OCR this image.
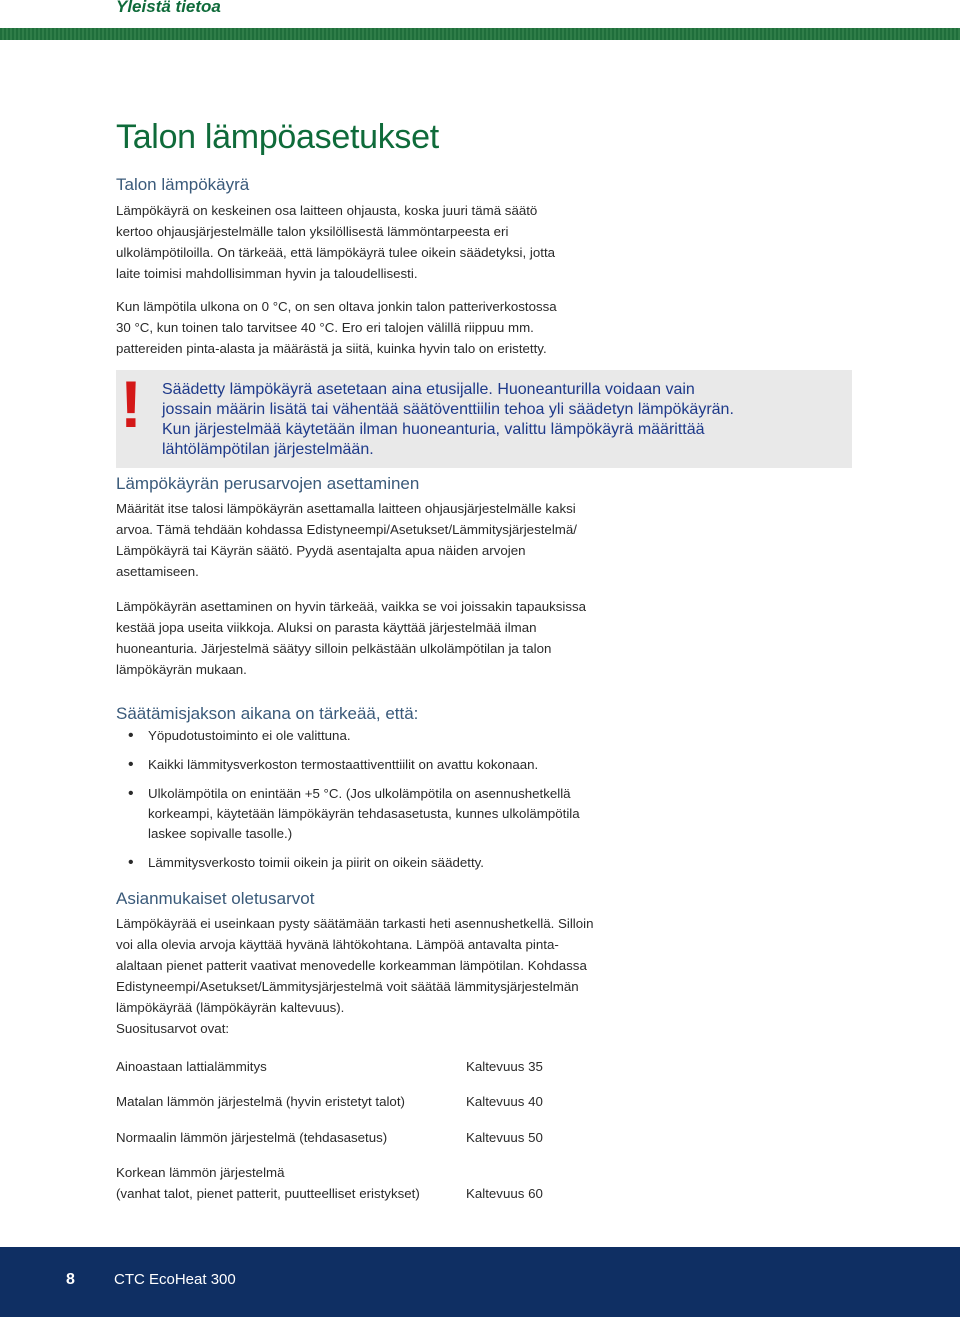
Yleistä tietoa
Talon lämpöasetukset
Talon lämpökäyrä
Lämpökäyrä on keskeinen osa laitteen ohjausta, koska juuri tämä säätö
kertoo ohjausjärjestelmälle talon yksilöllisestä lämmöntarpeesta eri
ulkolämpötiloilla. On tärkeää, että lämpökäyrä tulee oikein säädetyksi, jotta
laite toimisi mahdollisimman hyvin ja taloudellisesti.
Kun lämpötila ulkona on 0 °C, on sen oltava jonkin talon patteriverkostossa
30 °C, kun toinen talo tarvitsee 40 °C. Ero eri talojen välillä riippuu mm.
pattereiden pinta-alasta ja määrästä ja siitä, kuinka hyvin talo on eristetty.
! Säädetty lämpökäyrä asetetaan aina etusijalle. Huoneanturilla voidaan vain
jossain määrin lisätä tai vähentää säätöventtiilin tehoa yli säädetyn lämpökäyrän.
Kun järjestelmää käytetään ilman huoneanturia, valittu lämpökäyrä määrittää
lähtölämpötilan järjestelmään.
Lämpökäyrän perusarvojen asettaminen
Määrität itse talosi lämpökäyrän asettamalla laitteen ohjausjärjestelmälle kaksi
arvoa. Tämä tehdään kohdassa Edistyneempi/Asetukset/Lämmitysjärjestelmä/
Lämpökäyrä tai Käyrän säätö. Pyydä asentajalta apua näiden arvojen
asettamiseen.
Lämpökäyrän asettaminen on hyvin tärkeää, vaikka se voi joissakin tapauksissa
kestää jopa useita viikkoja. Aluksi on parasta käyttää järjestelmää ilman
huoneanturia. Järjestelmä säätyy silloin pelkästään ulkolämpötilan ja talon
lämpökäyrän mukaan.
Säätämisjakson aikana on tärkeää, että:
• Yöpudotustoiminto ei ole valittuna.
• Kaikki lämmitysverkoston termostaattiventtiilit on avattu kokonaan.
• Ulkolämpötila on enintään +5 °C. (Jos ulkolämpötila on asennushetkellä
korkeampi, käytetään lämpökäyrän tehdasasetusta, kunnes ulkolämpötila
laskee sopivalle tasolle.)
• Lämmitysverkosto toimii oikein ja piirit on oikein säädetty.
Asianmukaiset oletusarvot
Lämpökäyrää ei useinkaan pysty säätämään tarkasti heti asennushetkellä. Silloin
voi alla olevia arvoja käyttää hyvänä lähtökohtana. Lämpöä antavalta pinta-
alaltaan pienet patterit vaativat menovedelle korkeamman lämpötilan. Kohdassa
Edistyneempi/Asetukset/Lämmitysjärjestelmä voit säätää lämmitysjärjestelmän
lämpökäyrää (lämpökäyrän kaltevuus).
Suositusarvot ovat:
Ainoastaan lattialämmitys	Kaltevuus 35

Matalan lämmön järjestelmä (hyvin eristetyt talot)	Kaltevuus 40

Normaalin lämmön järjestelmä (tehdasasetus)	Kaltevuus 50

Korkean lämmön järjestelmä
(vanhat talot, pienet patterit, puutteelliset eristykset)	Kaltevuus 60
8	CTC EcoHeat 300
